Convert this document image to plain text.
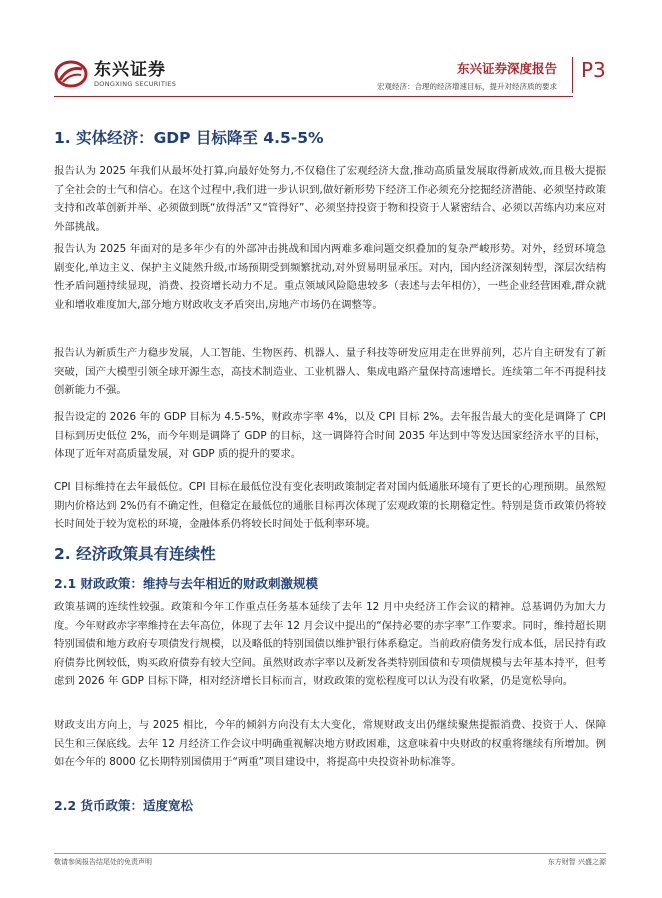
东兴证券
DONGXING SECURITIES
东兴证券深度报告
宏观经济：合理的经济增速目标，提升对经济质的要求
P3
1. 实体经济：GDP 目标降至 4.5-5%

报告认为 2025 年我们从最坏处打算,向最好处努力,不仅稳住了宏观经济大盘,推动高质量发展取得新成效,而且极大提振了全社会的士气和信心。在这个过程中,我们进一步认识到,做好新形势下经济工作必须充分挖掘经济潜能、必须坚持政策支持和改革创新并举、必须做到既“放得活”又“管得好”、必须坚持投资于物和投资于人紧密结合、必须以苦练内功来应对外部挑战。

报告认为 2025 年面对的是多年少有的外部冲击挑战和国内两难多难问题交织叠加的复杂严峻形势。对外，经贸环境急剧变化,单边主义、保护主义陡然升级,市场预期受到频繁扰动,对外贸易明显承压。对内，国内经济深刻转型，深层次结构性矛盾问题持续显现，消费、投资增长动力不足。重点领域风险隐患较多（表述与去年相仿），一些企业经营困难,群众就业和增收难度加大,部分地方财政收支矛盾突出,房地产市场仍在调整等。

报告认为新质生产力稳步发展，人工智能、生物医药、机器人、量子科技等研发应用走在世界前列，芯片自主研发有了新突破，国产大模型引领全球开源生态，高技术制造业、工业机器人、集成电路产量保持高速增长。连续第二年不再提科技创新能力不强。

报告设定的 2026 年的 GDP 目标为 4.5-5%，财政赤字率 4%，以及 CPI 目标 2%。去年报告最大的变化是调降了 CPI 目标到历史低位 2%，而今年则是调降了 GDP 的目标，这一调降符合时间 2035 年达到中等发达国家经济水平的目标，体现了近年对高质量发展，对 GDP 质的提升的要求。

CPI 目标维持在去年最低位。CPI 目标在最低位没有变化表明政策制定者对国内低通胀环境有了更长的心理预期。虽然短期内价格达到 2%仍有不确定性，但稳定在最低位的通胀目标再次体现了宏观政策的长期稳定性。特别是货币政策仍将较长时间处于较为宽松的环境，金融体系仍将较长时间处于低利率环境。

2. 经济政策具有连续性
2.1 财政政策：维持与去年相近的财政刺激规模

政策基调的连续性较强。政策和今年工作重点任务基本延续了去年 12 月中央经济工作会议的精神。总基调仍为加大力度。今年财政赤字率维持在去年高位，体现了去年 12 月会议中提出的“保持必要的赤字率”工作要求。同时，维持超长期特别国债和地方政府专项债发行规模，以及略低的特别国债以维护银行体系稳定。当前政府债务发行成本低，居民持有政府债券比例较低，购买政府债券有较大空间。虽然财政赤字率以及新发各类特别国债和专项债规模与去年基本持平，但考虑到 2026 年 GDP 目标下降，相对经济增长目标而言，财政政策的宽松程度可以认为没有收紧，仍是宽松导向。

财政支出方向上，与 2025 相比，今年的倾斜方向没有太大变化，常规财政支出仍继续聚焦提振消费、投资于人、保障民生和三保底线。去年 12 月经济工作会议中明确重视解决地方财政困难，这意味着中央财政的权重将继续有所增加。例如在今年的 8000 亿长期特别国债用于“两重”项目建设中，将提高中央投资补助标准等。

2.2 货币政策：适度宽松
敬请参阅报告结尾处的免责声明	东方财智 兴盛之源
